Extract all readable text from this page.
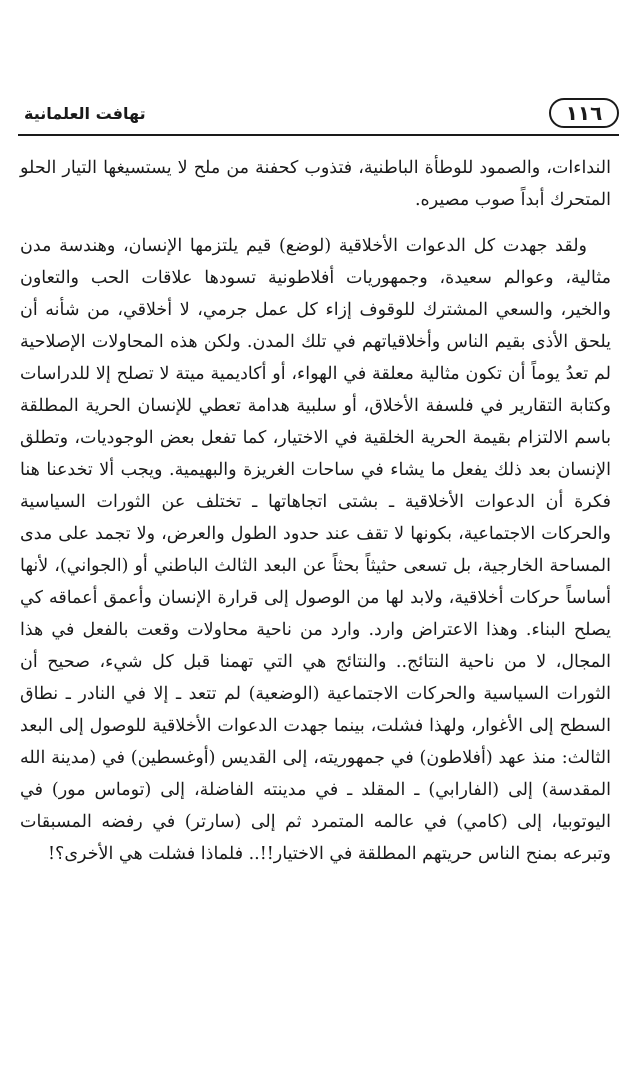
تهافت العلمانية	١١٦

النداءات، والصمود للوطأة الباطنية، فتذوب كحفنة من ملح لا يستسيغها التيار الحلو المتحرك أبداً صوب مصيره.

ولقد جهدت كل الدعوات الأخلاقية (لوضع) قيم يلتزمها الإنسان، وهندسة مدن مثالية، وعوالم سعيدة، وجمهوريات أفلاطونية تسودها علاقات الحب والتعاون والخير، والسعي المشترك للوقوف إزاء كل عمل جرمي، لا أخلاقي، من شأنه أن يلحق الأذى بقيم الناس وأخلاقياتهم في تلك المدن. ولكن هذه المحاولات الإصلاحية لم تعدُ يوماً أن تكون مثالية معلقة في الهواء، أو أكاديمية ميتة لا تصلح إلا للدراسات وكتابة التقارير في فلسفة الأخلاق، أو سلبية هدامة تعطي للإنسان الحرية المطلقة باسم الالتزام بقيمة الحرية الخلقية في الاختيار، كما تفعل بعض الوجوديات، وتطلق الإنسان بعد ذلك يفعل ما يشاء في ساحات الغريزة والبهيمية. ويجب ألا تخدعنا هنا فكرة أن الدعوات الأخلاقية ـ بشتى اتجاهاتها ـ تختلف عن الثورات السياسية والحركات الاجتماعية، بكونها لا تقف عند حدود الطول والعرض، ولا تجمد على مدى المساحة الخارجية، بل تسعى حثيثاً بحثاً عن البعد الثالث الباطني أو (الجواني)، لأنها أساساً حركات أخلاقية، ولابد لها من الوصول إلى قرارة الإنسان وأعمق أعماقه كي يصلح البناء. وهذا الاعتراض وارد. وارد من ناحية محاولات وقعت بالفعل في هذا المجال، لا من ناحية النتائج.. والنتائج هي التي تهمنا قبل كل شيء، صحيح أن الثورات السياسية والحركات الاجتماعية (الوضعية) لم تتعد ـ إلا في النادر ـ نطاق السطح إلى الأغوار، ولهذا فشلت، بينما جهدت الدعوات الأخلاقية للوصول إلى البعد الثالث: منذ عهد (أفلاطون) في جمهوريته، إلى القديس (أوغسطين) في (مدينة الله المقدسة) إلى (الفارابي) ـ المقلد ـ في مدينته الفاضلة، إلى (توماس مور) في اليوتوبيا، إلى (كامي) في عالمه المتمرد ثم إلى (سارتر) في رفضه المسبقات وتبرعه بمنح الناس حريتهم المطلقة في الاختيار!!.. فلماذا فشلت هي الأخرى؟!
